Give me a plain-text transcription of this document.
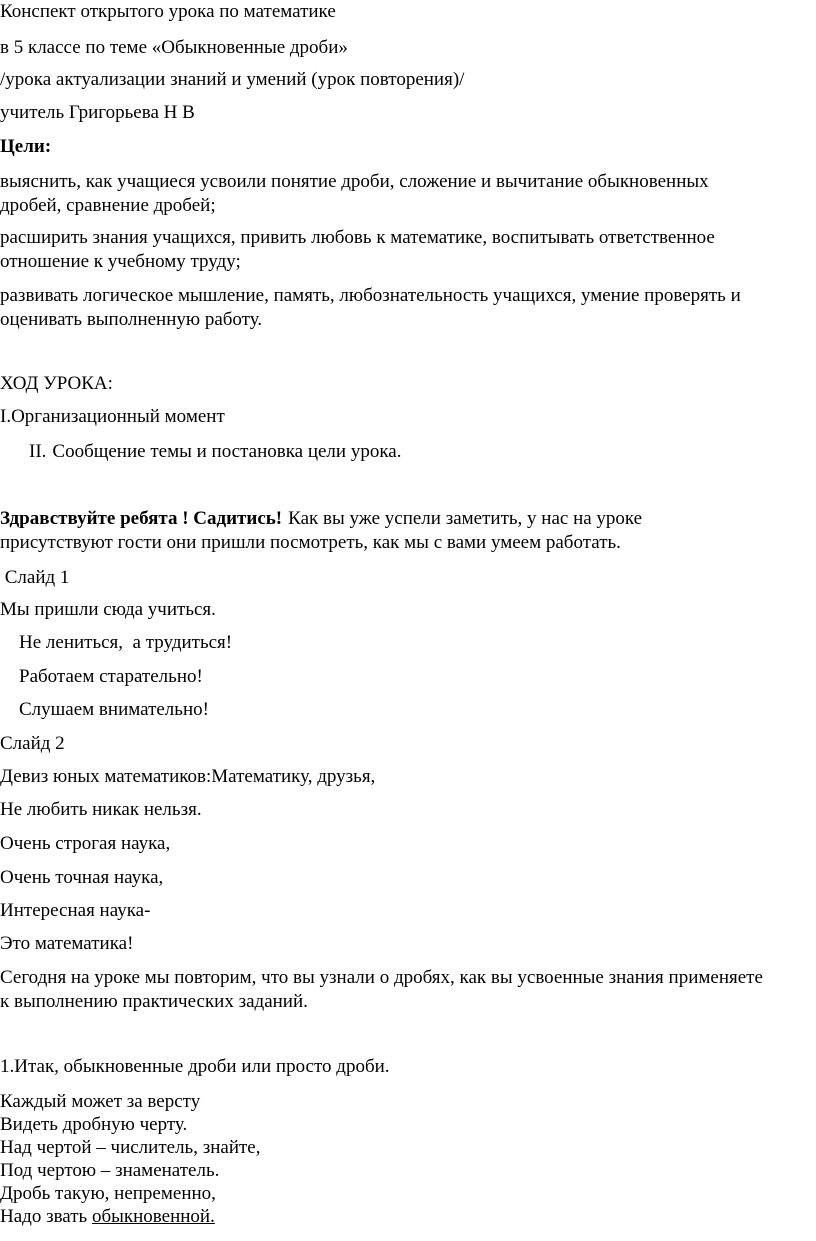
Конспект открытого урока по математике

в 5 классе по теме «Обыкновенные дроби»

/урока актуализации знаний и умений (урок повторения)/

учитель Григорьева Н В

Цели:

выяснить, как учащиеся усвоили понятие дроби, сложение и вычитание обыкновенных

дробей, сравнение дробей;

расширить знания учащихся, привить любовь к математике, воспитывать ответственное

отношение к учебному труду;

развивать логическое мышление, память, любознательность учащихся, умение проверять и

оценивать выполненную работу.

ХОД УРОКА:

I.Организационный момент

II. Сообщение темы и постановка цели урока.

Здравствуйте ребята ! Садитись! Как вы уже успели заметить, у нас на уроке

присутствуют гости они пришли посмотреть, как мы с вами умеем работать.

Слайд 1

Мы пришли сюда учиться.

Не лениться,  а трудиться!

Работаем старательно!

Слушаем внимательно!

Слайд 2

Девиз юных математиков:Математику, друзья,

Не любить никак нельзя.

Очень строгая наука,

Очень точная наука,

Интересная наука-

Это математика!

Сегодня на уроке мы повторим, что вы узнали о дробях, как вы усвоенные знания применяете

к выполнению практических заданий.

1.Итак, обыкновенные дроби или просто дроби.

Каждый может за версту

Видеть дробную черту.

Над чертой – числитель, знайте,

Под чертою – знаменатель.

Дробь такую, непременно,

Надо звать обыкновенной.
